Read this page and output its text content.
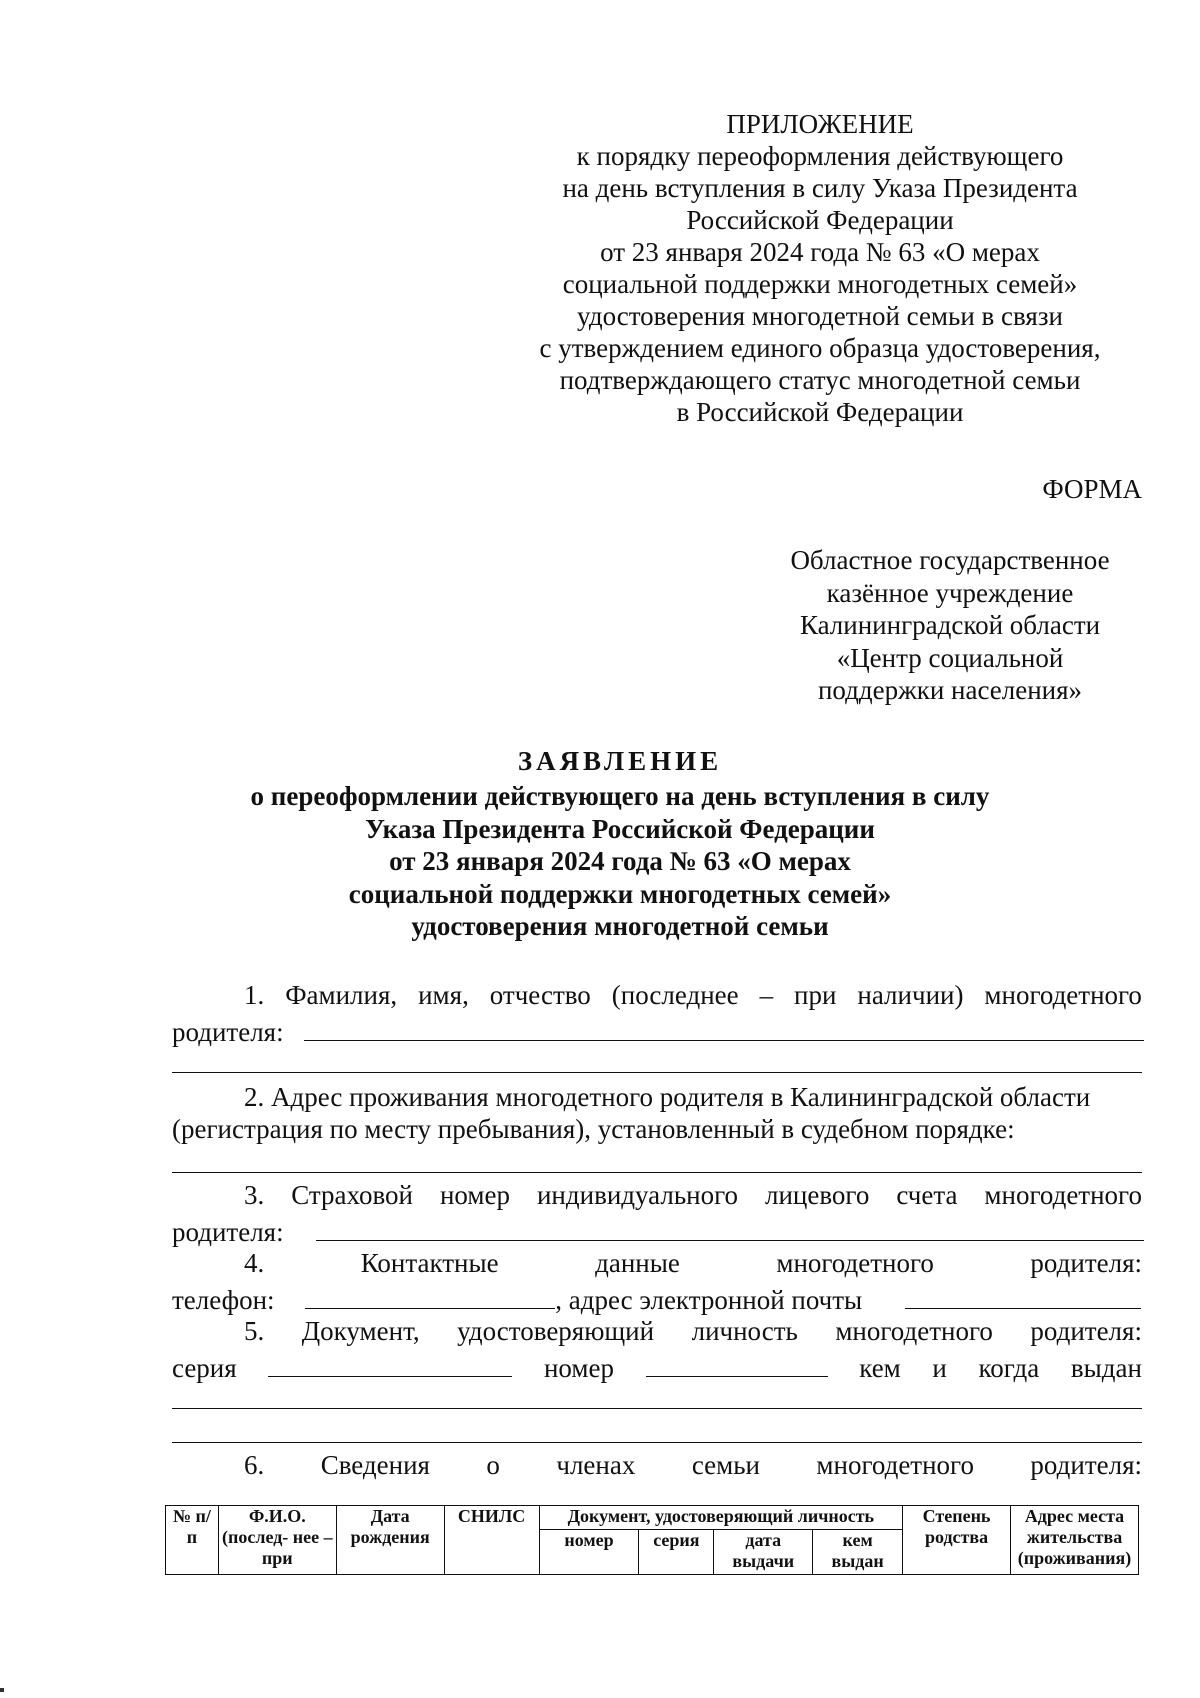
ПРИЛОЖЕНИЕ
к порядку переоформления действующего
на день вступления в силу Указа Президента
Российской Федерации
от 23 января 2024 года № 63 «О мерах
социальной поддержки многодетных семей»
удостоверения многодетной семьи в связи
с утверждением единого образца удостоверения,
подтверждающего статус многодетной семьи
в Российской Федерации
ФОРМА
Областное государственное
казённое учреждение
Калининградской области
«Центр социальной
поддержки населения»
ЗАЯВЛЕНИЕ
о переоформлении действующего на день вступления в силу
Указа Президента Российской Федерации
от 23 января 2024 года № 63 «О мерах
социальной поддержки многодетных семей»
удостоверения многодетной семьи
1. Фамилия, имя, отчество (последнее – при наличии) многодетного
родителя:
2. Адрес проживания многодетного родителя в Калининградской области
(регистрация по месту пребывания), установленный в судебном порядке:
3. Страховой номер индивидуального лицевого счета многодетного
родителя:
4.	Контактные	данные	многодетного	родителя:
телефон:	, адрес электронной почты
5. Документ, удостоверяющий личность многодетного родителя:
серия	номер	кем и когда выдан
6. Сведения о членах семьи многодетного родителя:
№ п/п	Ф.И.О. (послед- нее – при	Дата рождения	СНИЛС	Документ, удостоверяющий личность				Степень родства	Адрес места жительства (проживания)
				номер	серия	дата выдачи	кем выдан		
